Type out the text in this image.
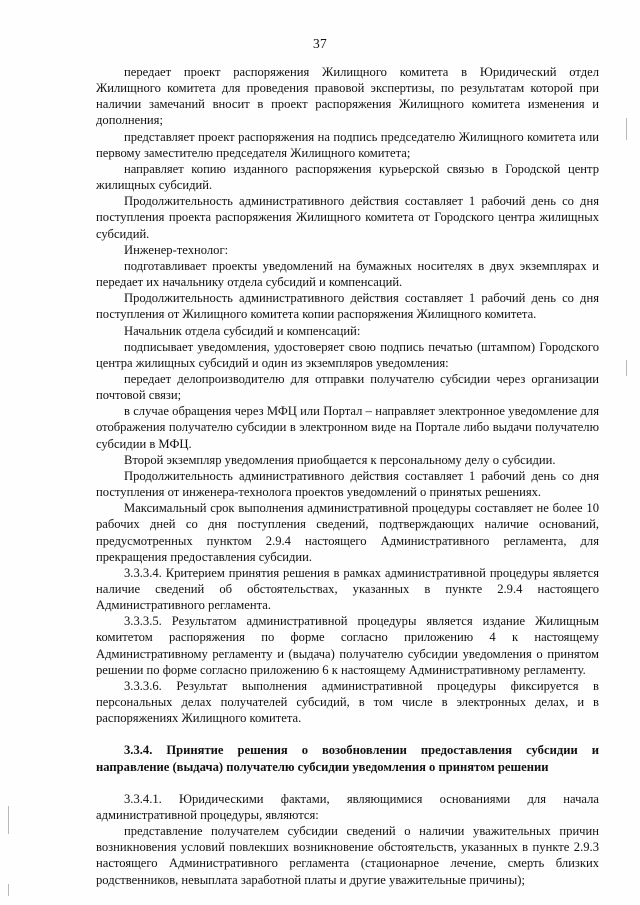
37

передает проект распоряжения Жилищного комитета в Юридический отдел Жилищного комитета для проведения правовой экспертизы, по результатам которой при наличии замечаний вносит в проект распоряжения Жилищного комитета изменения и дополнения;

представляет проект распоряжения на подпись председателю Жилищного комитета или первому заместителю председателя Жилищного комитета;

направляет копию изданного распоряжения курьерской связью в Городской центр жилищных субсидий.

Продолжительность административного действия составляет 1 рабочий день со дня поступления проекта распоряжения Жилищного комитета от Городского центра жилищных субсидий.

Инженер-технолог:

подготавливает проекты уведомлений на бумажных носителях в двух экземплярах и передает их начальнику отдела субсидий и компенсаций.

Продолжительность административного действия составляет 1 рабочий день со дня поступления от Жилищного комитета копии распоряжения Жилищного комитета.

Начальник отдела субсидий и компенсаций:

подписывает уведомления, удостоверяет свою подпись печатью (штампом) Городского центра жилищных субсидий и один из экземпляров уведомления:

передает делопроизводителю для отправки получателю субсидии через организации почтовой связи;

в случае обращения через МФЦ или Портал – направляет электронное уведомление для отображения получателю субсидии в электронном виде на Портале либо выдачи получателю субсидии в МФЦ.

Второй экземпляр уведомления приобщается к персональному делу о субсидии.

Продолжительность административного действия составляет 1 рабочий день со дня поступления от инженера-технолога проектов уведомлений о принятых решениях.

Максимальный срок выполнения административной процедуры составляет не более 10 рабочих дней со дня поступления сведений, подтверждающих наличие оснований, предусмотренных пунктом 2.9.4 настоящего Административного регламента, для прекращения предоставления субсидии.

3.3.3.4. Критерием принятия решения в рамках административной процедуры является наличие сведений об обстоятельствах, указанных в пункте 2.9.4 настоящего Административного регламента.

3.3.3.5. Результатом административной процедуры является издание Жилищным комитетом распоряжения по форме согласно приложению 4 к настоящему Административному регламенту и (выдача) получателю субсидии уведомления о принятом решении по форме согласно приложению 6 к настоящему Административному регламенту.

3.3.3.6. Результат выполнения административной процедуры фиксируется в персональных делах получателей субсидий, в том числе в электронных делах, и в распоряжениях Жилищного комитета.

3.3.4. Принятие решения о возобновлении предоставления субсидии и направление (выдача) получателю субсидии уведомления о принятом решении

3.3.4.1. Юридическими фактами, являющимися основаниями для начала административной процедуры, являются:

представление получателем субсидии сведений о наличии уважительных причин возникновения условий повлекших возникновение обстоятельств, указанных в пункте 2.9.3 настоящего Административного регламента (стационарное лечение, смерть близких родственников, невыплата заработной платы и другие уважительные причины);
